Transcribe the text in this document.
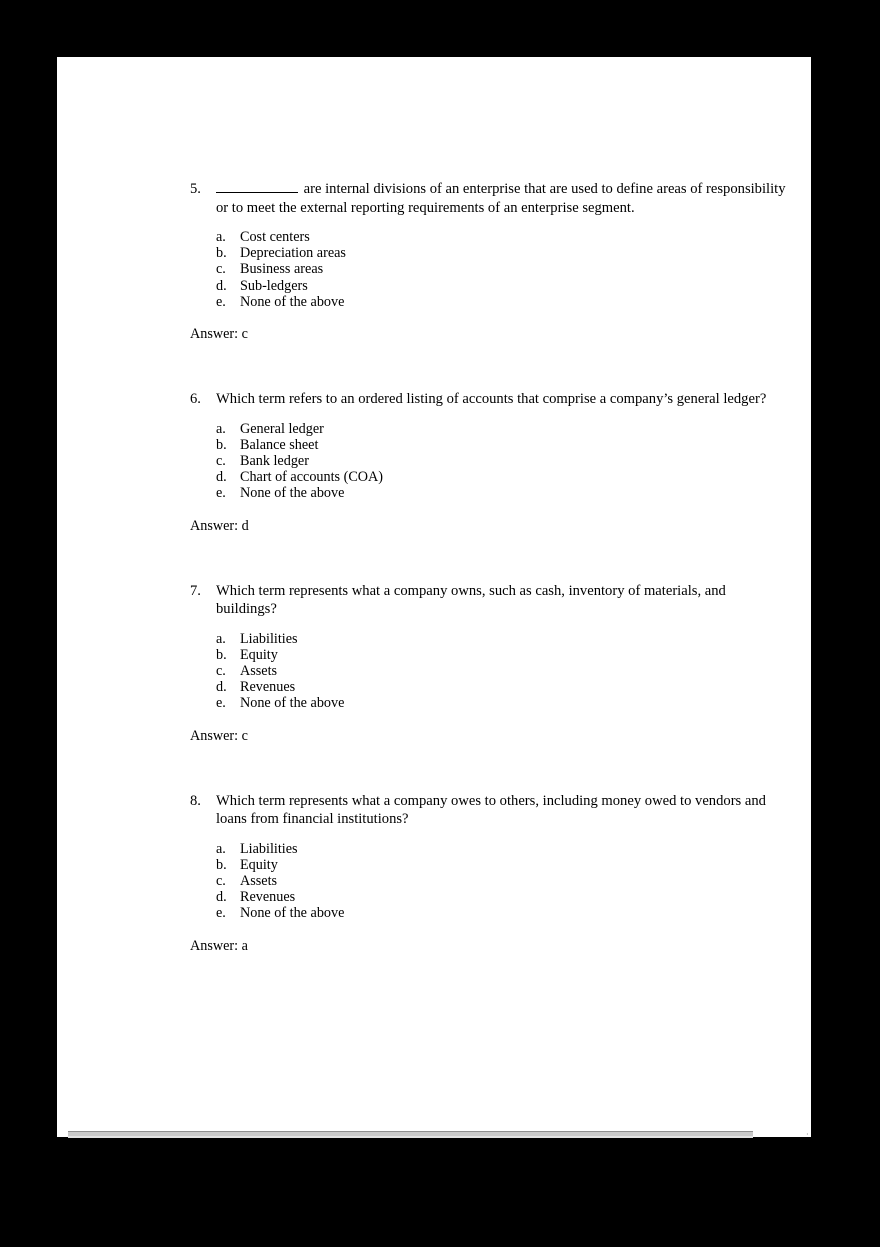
5.	are internal divisions of an enterprise that are used to define areas of responsibility or to meet the external reporting requirements of an enterprise segment.
a. Cost centers
b. Depreciation areas
c. Business areas
d. Sub-ledgers
e. None of the above
Answer: c
6.	Which term refers to an ordered listing of accounts that comprise a company’s general ledger?
a. General ledger
b. Balance sheet
c. Bank ledger
d. Chart of accounts (COA)
e. None of the above
Answer: d
7.	Which term represents what a company owns, such as cash, inventory of materials, and buildings?
a. Liabilities
b. Equity
c. Assets
d. Revenues
e. None of the above
Answer: c
8.	Which term represents what a company owes to others, including money owed to vendors and loans from financial institutions?
a. Liabilities
b. Equity
c. Assets
d. Revenues
e. None of the above
Answer: a
·
